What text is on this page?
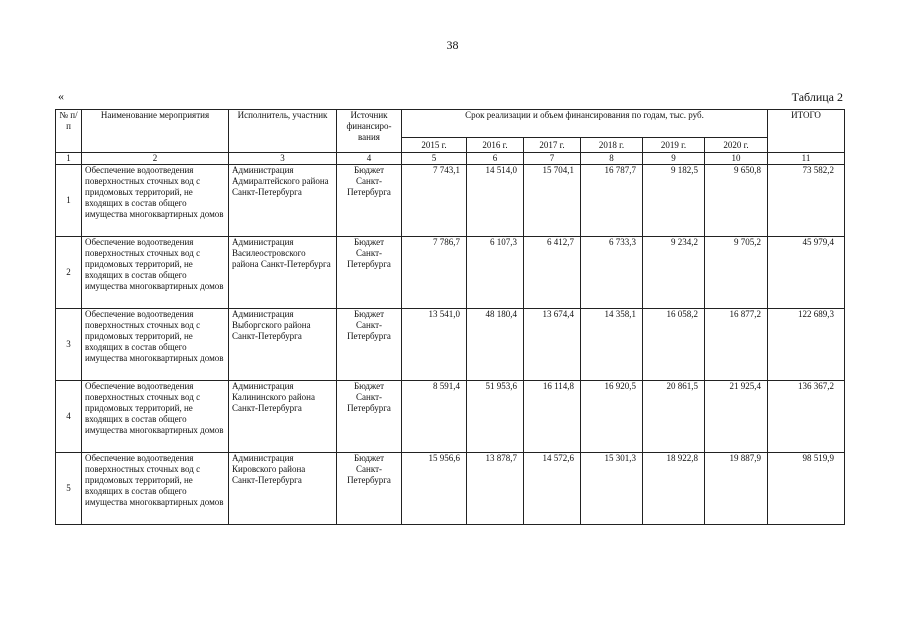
38
«	Таблица 2
№ п/п	Наименование мероприятия	Исполнитель, участник	Источник финансиро-вания	Срок реализации и объем финансирования по годам, тыс. руб.						ИТОГО
				2015 г.	2016 г.	2017 г.	2018 г.	2019 г.	2020 г.	
1	2	3	4	5	6	7	8	9	10	11
1	Обеспечение водоотведения поверхностных сточных вод с придомовых территорий, не входящих в состав общего имущества многоквартирных домов	Администрация Адмиралтейского района Санкт-Петербурга	Бюджет Санкт-Петербурга	7 743,1	14 514,0	15 704,1	16 787,7	9 182,5	9 650,8	73 582,2
2	Обеспечение водоотведения поверхностных сточных вод с придомовых территорий, не входящих в состав общего имущества многоквартирных домов	Администрация Василеостровского района Санкт-Петербурга	Бюджет Санкт-Петербурга	7 786,7	6 107,3	6 412,7	6 733,3	9 234,2	9 705,2	45 979,4
3	Обеспечение водоотведения поверхностных сточных вод с придомовых территорий, не входящих в состав общего имущества многоквартирных домов	Администрация Выборгского района Санкт-Петербурга	Бюджет Санкт-Петербурга	13 541,0	48 180,4	13 674,4	14 358,1	16 058,2	16 877,2	122 689,3
4	Обеспечение водоотведения поверхностных сточных вод с придомовых территорий, не входящих в состав общего имущества многоквартирных домов	Администрация Калининского района Санкт-Петербурга	Бюджет Санкт-Петербурга	8 591,4	51 953,6	16 114,8	16 920,5	20 861,5	21 925,4	136 367,2
5	Обеспечение водоотведения поверхностных сточных вод с придомовых территорий, не входящих в состав общего имущества многоквартирных домов	Администрация Кировского района Санкт-Петербурга	Бюджет Санкт-Петербурга	15 956,6	13 878,7	14 572,6	15 301,3	18 922,8	19 887,9	98 519,9
